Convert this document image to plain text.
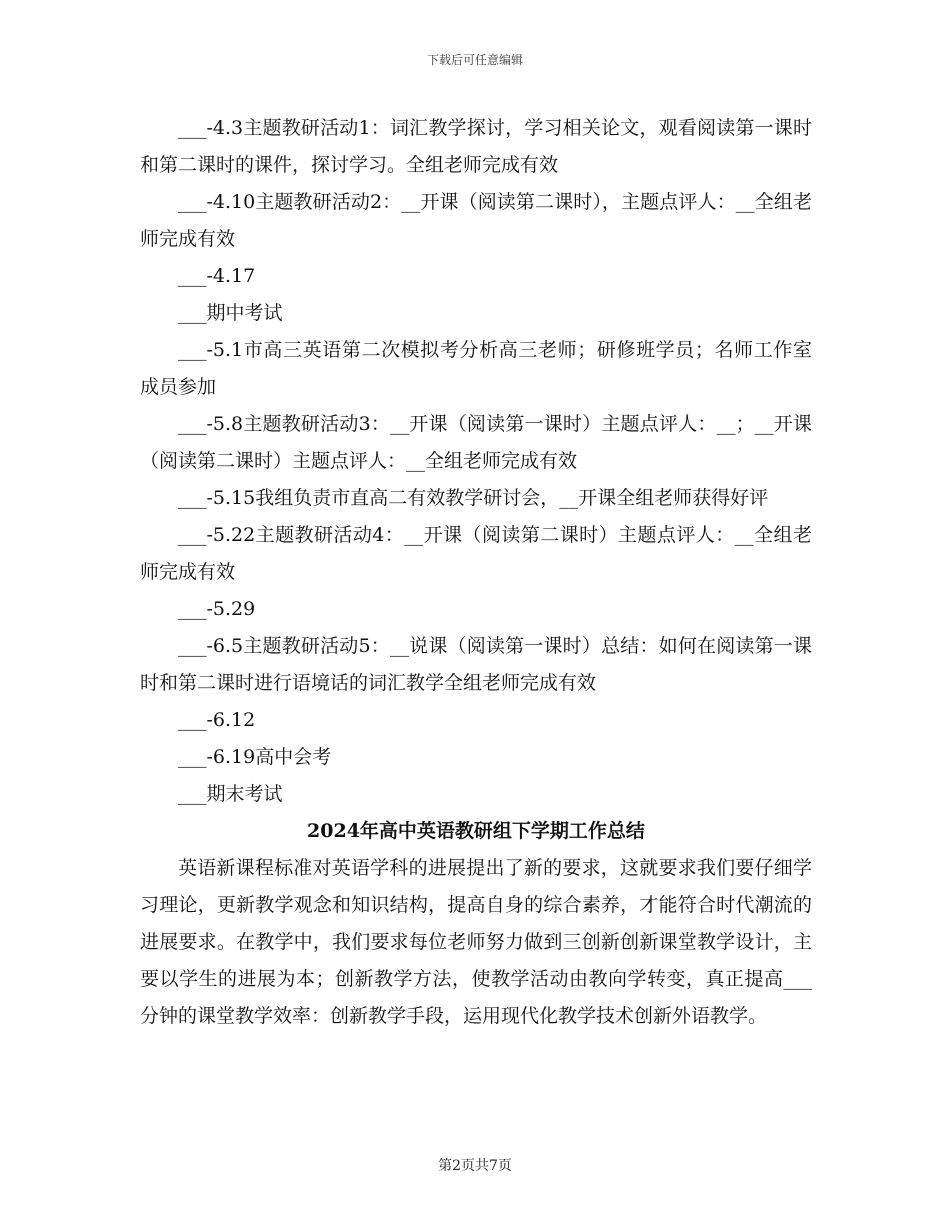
下载后可任意编辑

___-4.3主题教研活动1：词汇教学探讨，学习相关论文，观看阅读第一课时和第二课时的课件，探讨学习。全组老师完成有效

___-4.10主题教研活动2：__开课（阅读第二课时），主题点评人：__全组老师完成有效

___-4.17

___期中考试

___-5.1市高三英语第二次模拟考分析高三老师；研修班学员；名师工作室成员参加

___-5.8主题教研活动3：__开课（阅读第一课时）主题点评人：__；__开课（阅读第二课时）主题点评人：__全组老师完成有效

___-5.15我组负责市直高二有效教学研讨会，__开课全组老师获得好评

___-5.22主题教研活动4：__开课（阅读第二课时）主题点评人：__全组老师完成有效

___-5.29

___-6.5主题教研活动5：__说课（阅读第一课时）总结：如何在阅读第一课时和第二课时进行语境话的词汇教学全组老师完成有效

___-6.12

___-6.19高中会考

___期末考试

2024年高中英语教研组下学期工作总结

英语新课程标准对英语学科的进展提出了新的要求，这就要求我们要仔细学习理论，更新教学观念和知识结构，提高自身的综合素养，才能符合时代潮流的进展要求。在教学中，我们要求每位老师努力做到三创新创新课堂教学设计，主要以学生的进展为本；创新教学方法，使教学活动由教向学转变，真正提高___分钟的课堂教学效率：创新教学手段，运用现代化教学技术创新外语教学。

第2页共7页
